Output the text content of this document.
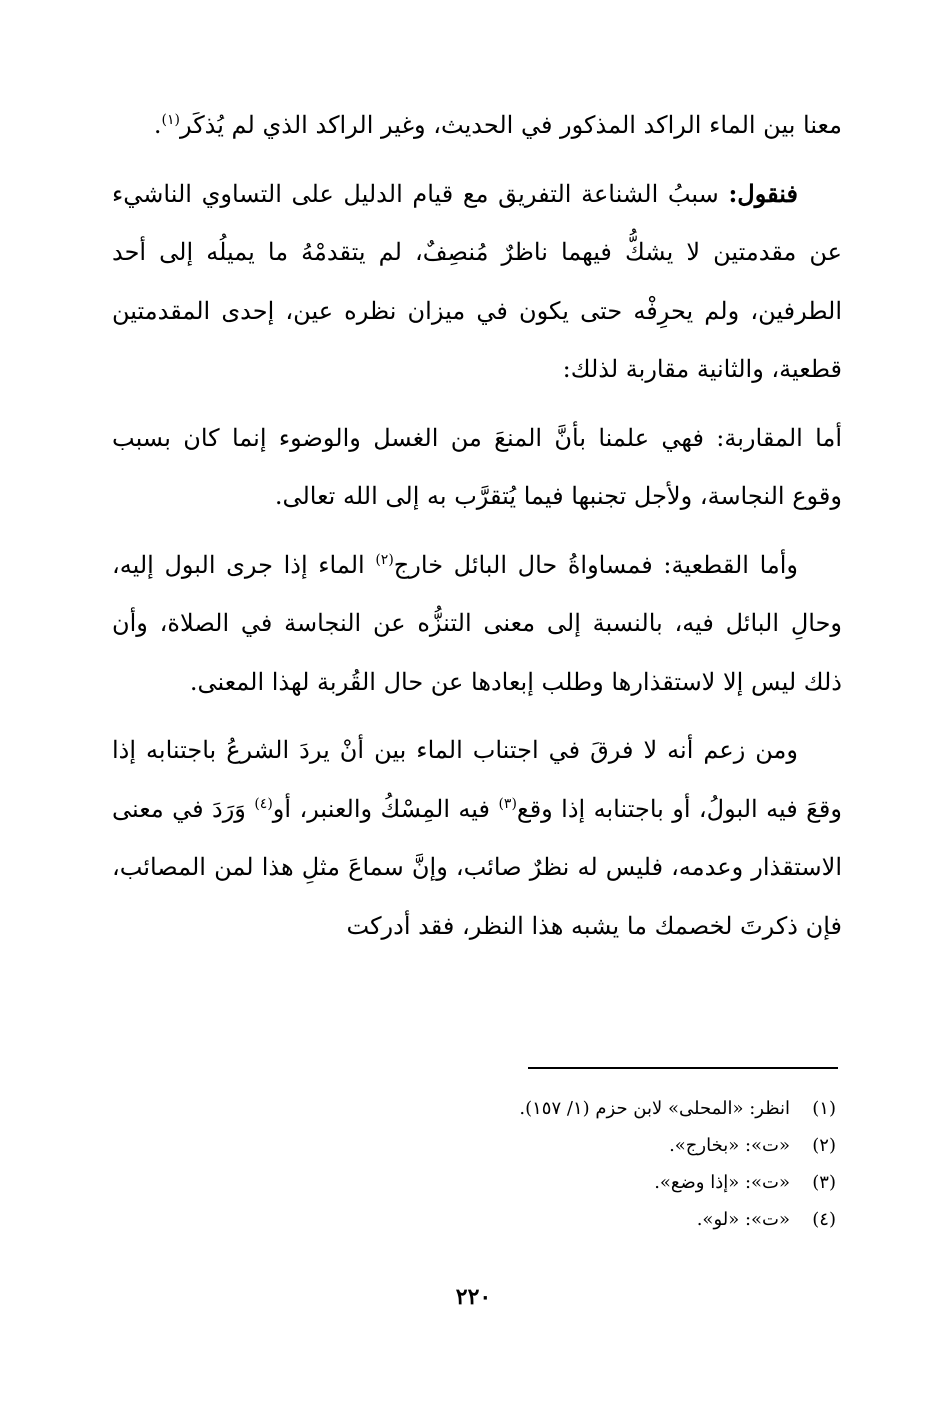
معنا بين الماء الراكد المذكور في الحديث، وغير الراكد الذي لم يُذكَر$^{(١)}$.

فنقول: سببُ الشناعة التفريق مع قيام الدليل على التساوي الناشيء عن مقدمتين لا يشكُّ فيهما ناظرٌ مُنصِفٌ، لم يتقدمْهُ ما يميلُه إلى أحد الطرفين، ولم يحرِفْه حتى يكون في ميزان نظره عين، إحدى المقدمتين قطعية، والثانية مقاربة لذلك:

أما المقاربة: فهي علمنا بأنَّ المنعَ من الغسل والوضوء إنما كان بسبب وقوع النجاسة، ولأجل تجنبها فيما يُتقرَّب به إلى الله تعالى.

وأما القطعية: فمساواةُ حال البائل خارج$^{(٢)}$ الماء إذا جرى البول إليه، وحالِ البائل فيه، بالنسبة إلى معنى التنزُّه عن النجاسة في الصلاة، وأن ذلك ليس إلا لاستقذارها وطلب إبعادها عن حال القُربة لهذا المعنى.

ومن زعم أنه لا فرقَ في اجتناب الماء بين أنْ يردَ الشرعُ باجتنابه إذا وقعَ فيه البولُ، أو باجتنابه إذا وقع$^{(٣)}$ فيه المِسْكُ والعنبر، أو$^{(٤)}$ وَرَدَ في معنى الاستقذار وعدمه، فليس له نظرٌ صائب، وإنَّ سماعَ مثلِ هذا لمن المصائب، فإن ذكرتَ لخصمك ما يشبه هذا النظر، فقد أدركت

(١)
انظر: «المحلى» لابن حزم (١/ ١٥٧).
(٢)
«ت»: «بخارج».
(٣)
«ت»: «إذا وضع».
(٤)
«ت»: «لو».
٢٢٠
